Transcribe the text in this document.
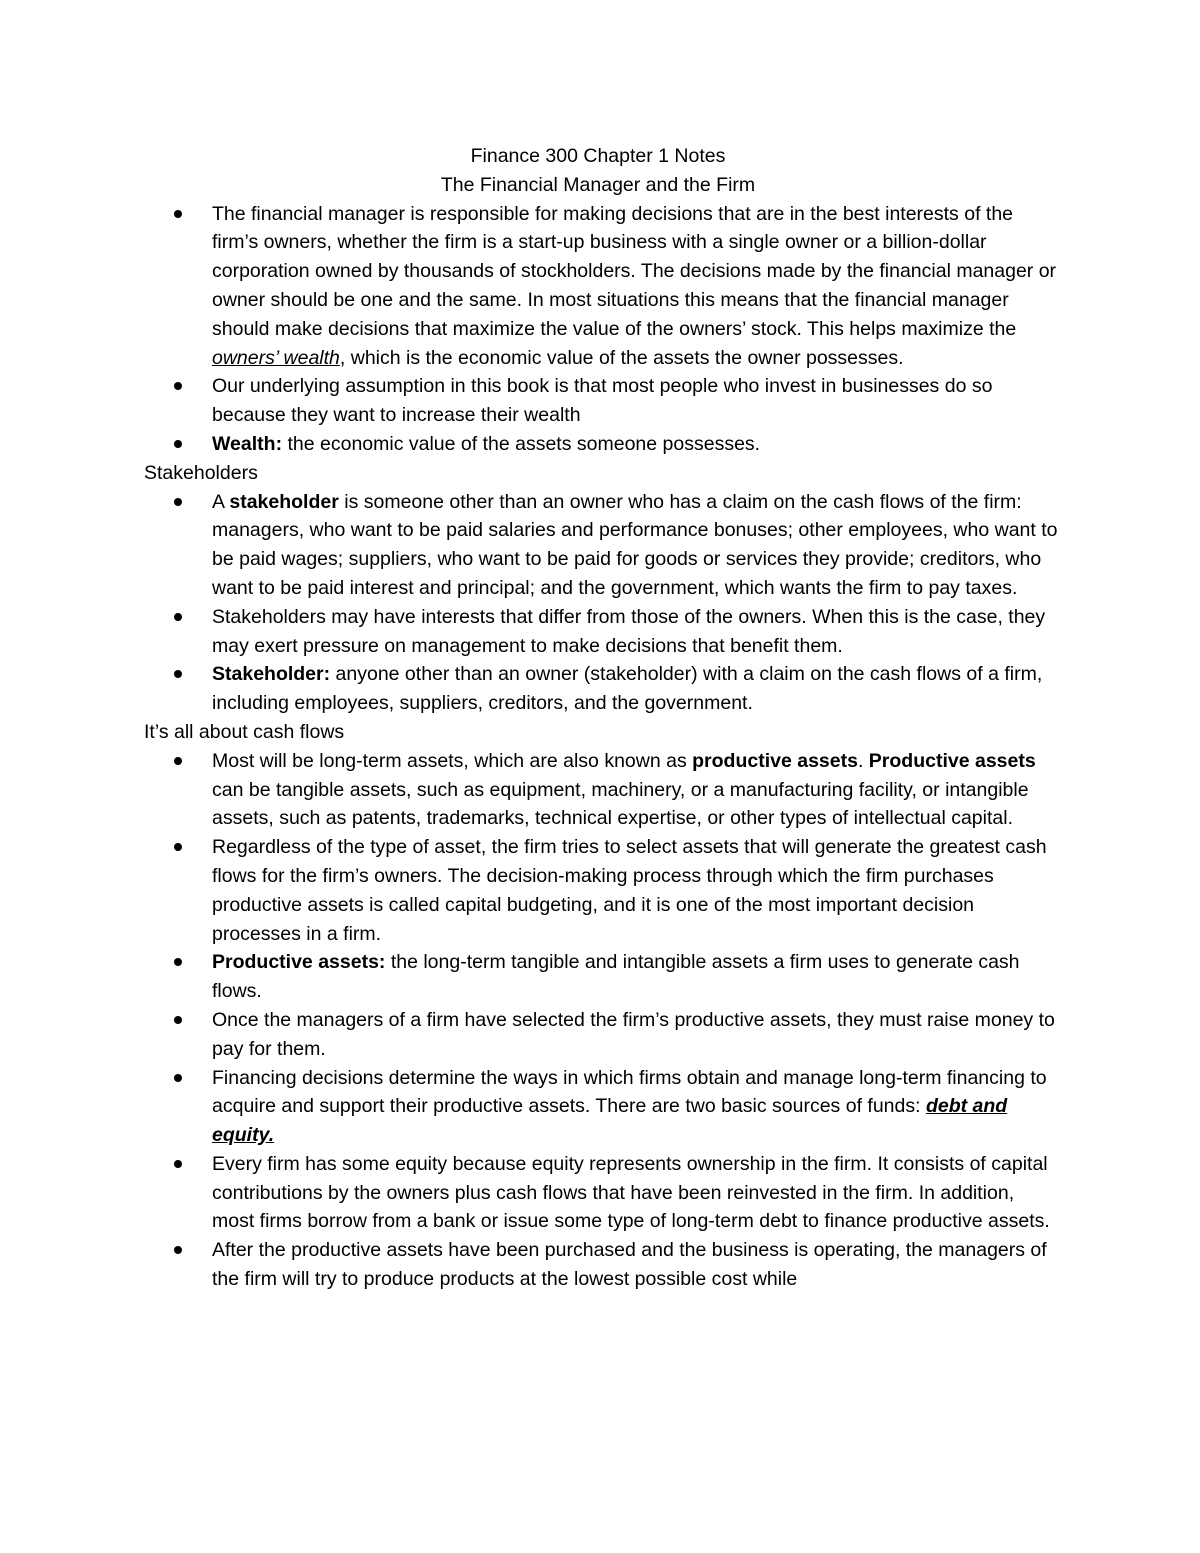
Finance 300 Chapter 1 Notes

The Financial Manager and the Firm

The financial manager is responsible for making decisions that are in the best interests of the firm’s owners, whether the firm is a start-up business with a single owner or a billion-dollar corporation owned by thousands of stockholders. The decisions made by the financial manager or owner should be one and the same. In most situations this means that the financial manager should make decisions that maximize the value of the owners’ stock. This helps maximize the owners’ wealth, which is the economic value of the assets the owner possesses.
Our underlying assumption in this book is that most people who invest in businesses do so because they want to increase their wealth
Wealth: the economic value of the assets someone possesses.

Stakeholders

A stakeholder is someone other than an owner who has a claim on the cash flows of the firm: managers, who want to be paid salaries and performance bonuses; other employees, who want to be paid wages; suppliers, who want to be paid for goods or services they provide; creditors, who want to be paid interest and principal; and the government, which wants the firm to pay taxes.
Stakeholders may have interests that differ from those of the owners. When this is the case, they may exert pressure on management to make decisions that benefit them.
Stakeholder: anyone other than an owner (stakeholder) with a claim on the cash flows of a firm, including employees, suppliers, creditors, and the government.

It’s all about cash flows

Most will be long-term assets, which are also known as productive assets. Productive assets can be tangible assets, such as equipment, machinery, or a manufacturing facility, or intangible assets, such as patents, trademarks, technical expertise, or other types of intellectual capital.
Regardless of the type of asset, the firm tries to select assets that will generate the greatest cash flows for the firm’s owners. The decision-making process through which the firm purchases productive assets is called capital budgeting, and it is one of the most important decision processes in a firm.
Productive assets: the long-term tangible and intangible assets a firm uses to generate cash flows.
Once the managers of a firm have selected the firm’s productive assets, they must raise money to pay for them.
Financing decisions determine the ways in which firms obtain and manage long-term financing to acquire and support their productive assets. There are two basic sources of funds: debt and equity.
Every firm has some equity because equity represents ownership in the firm. It consists of capital contributions by the owners plus cash flows that have been reinvested in the firm. In addition, most firms borrow from a bank or issue some type of long-term debt to finance productive assets.
After the productive assets have been purchased and the business is operating, the managers of the firm will try to produce products at the lowest possible cost while
